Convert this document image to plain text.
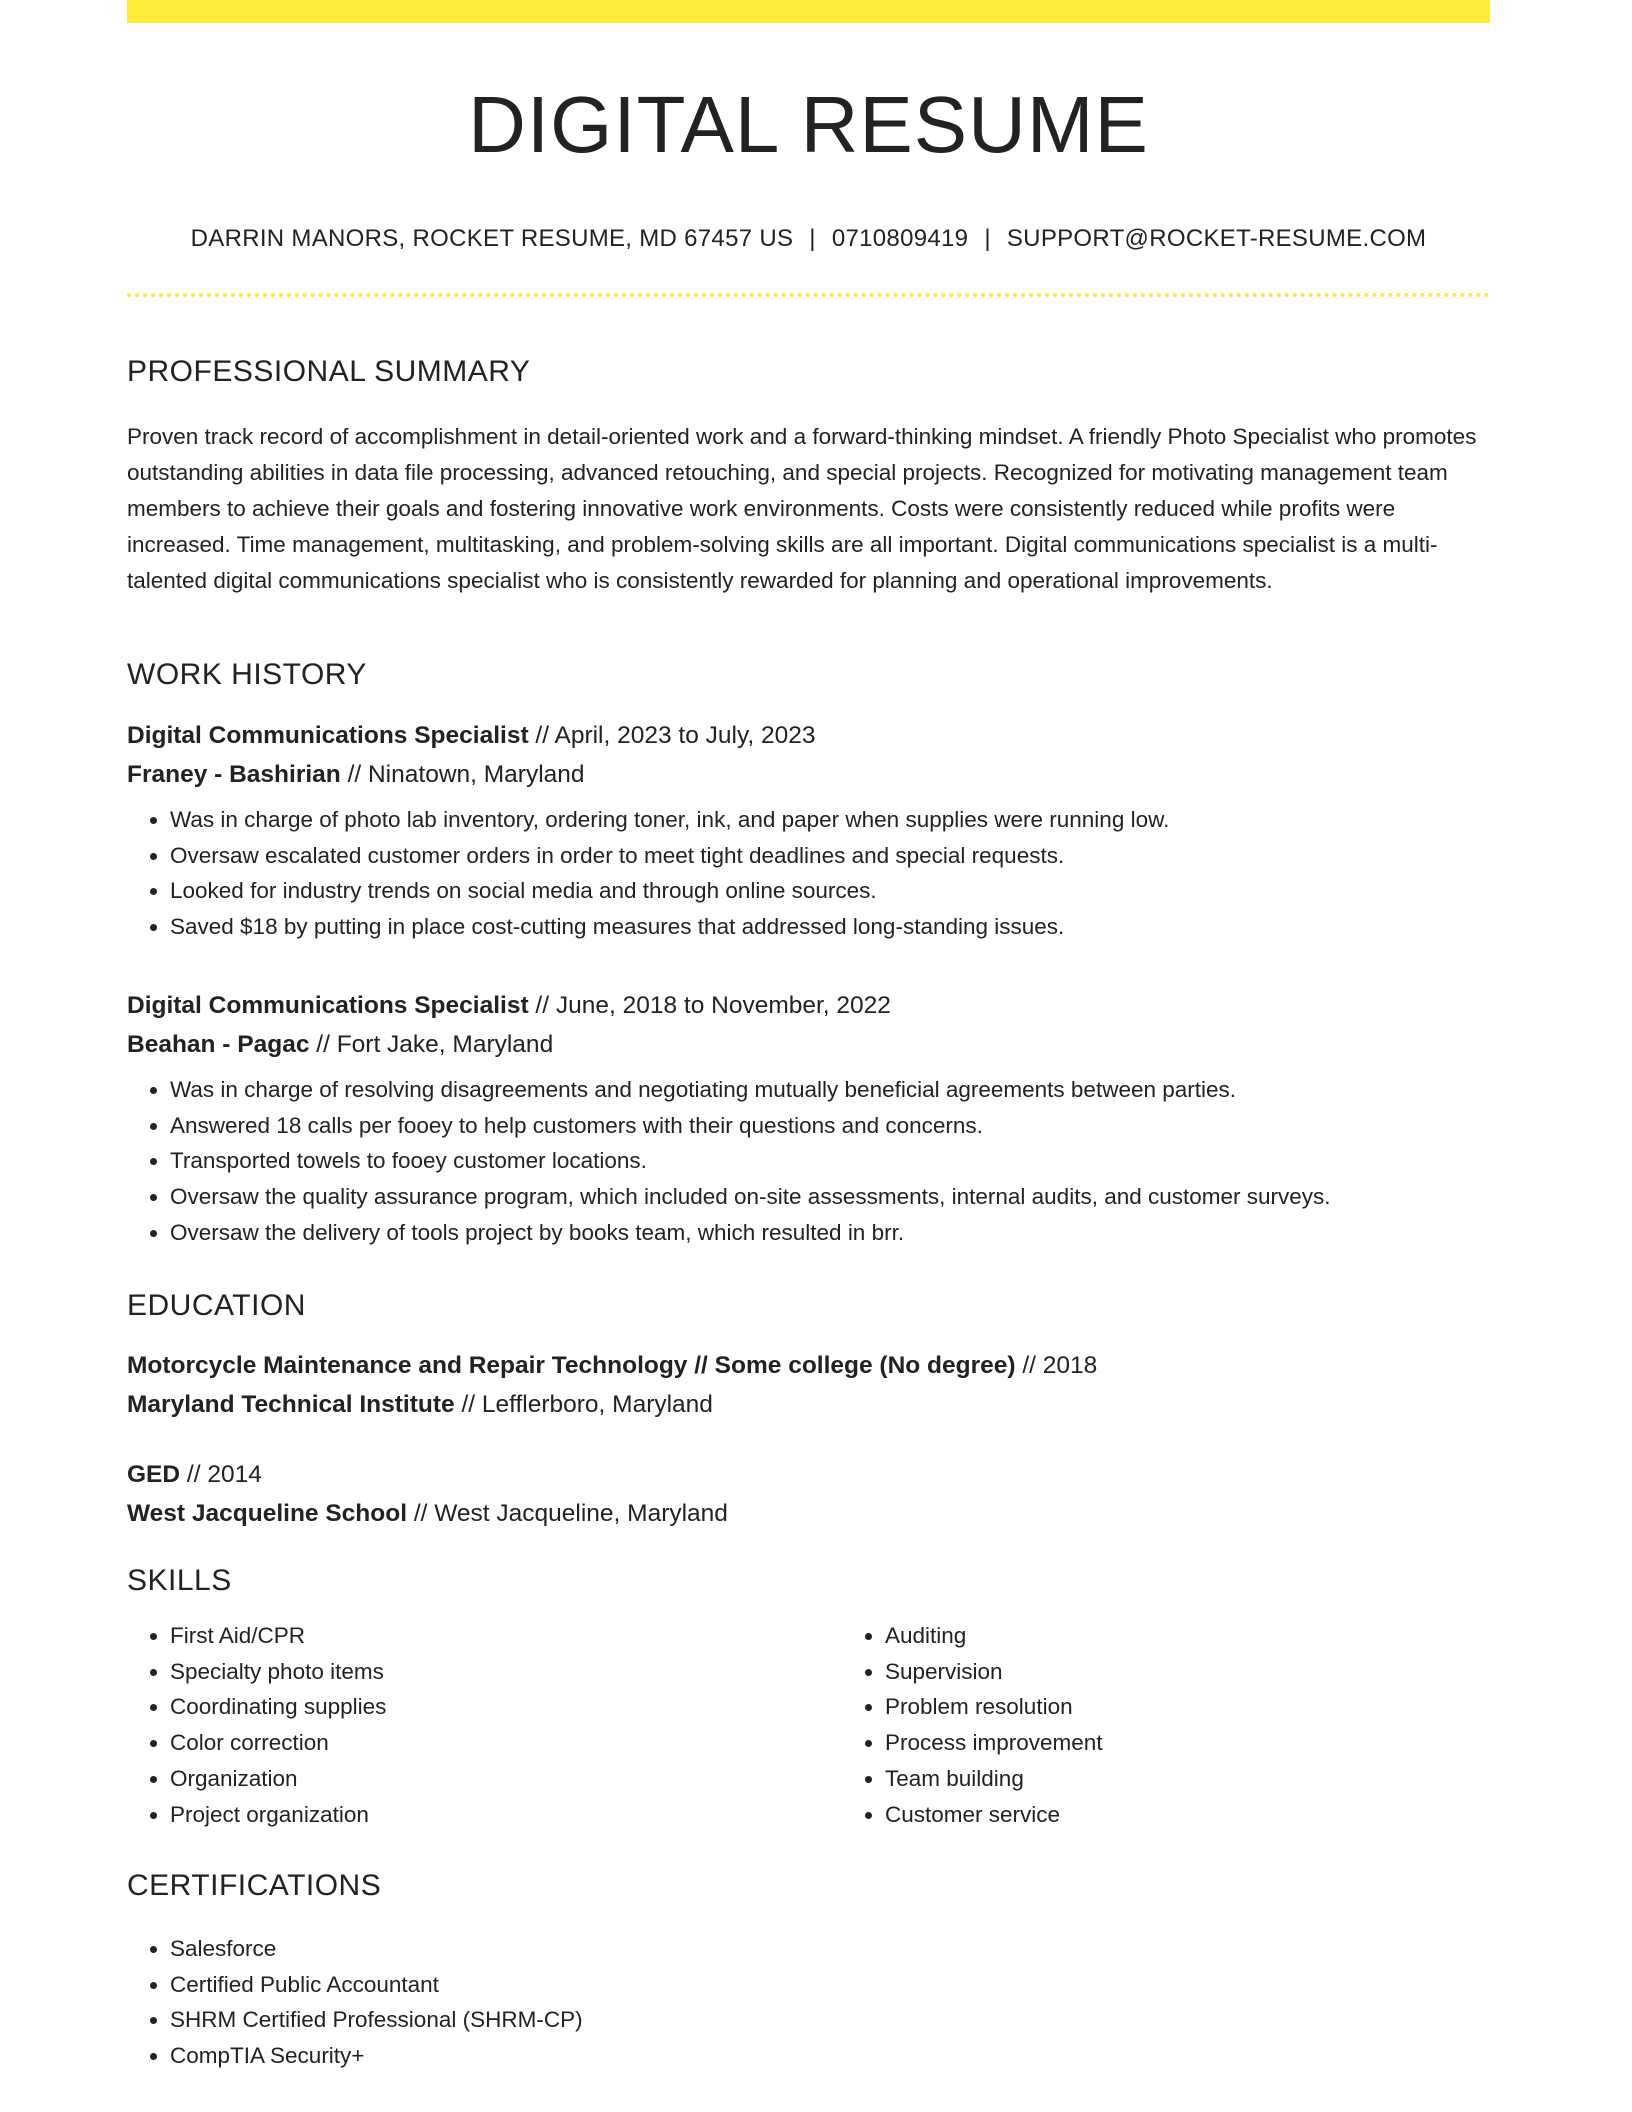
DIGITAL RESUME
DARRIN MANORS, ROCKET RESUME, MD 67457 US | 0710809419 | SUPPORT@ROCKET-RESUME.COM
PROFESSIONAL SUMMARY
Proven track record of accomplishment in detail-oriented work and a forward-thinking mindset. A friendly Photo Specialist who promotes outstanding abilities in data file processing, advanced retouching, and special projects. Recognized for motivating management team members to achieve their goals and fostering innovative work environments. Costs were consistently reduced while profits were increased. Time management, multitasking, and problem-solving skills are all important. Digital communications specialist is a multi-talented digital communications specialist who is consistently rewarded for planning and operational improvements.
WORK HISTORY
Digital Communications Specialist // April, 2023 to July, 2023
Franey - Bashirian // Ninatown, Maryland
• Was in charge of photo lab inventory, ordering toner, ink, and paper when supplies were running low.
• Oversaw escalated customer orders in order to meet tight deadlines and special requests.
• Looked for industry trends on social media and through online sources.
• Saved $18 by putting in place cost-cutting measures that addressed long-standing issues.
Digital Communications Specialist // June, 2018 to November, 2022
Beahan - Pagac // Fort Jake, Maryland
• Was in charge of resolving disagreements and negotiating mutually beneficial agreements between parties.
• Answered 18 calls per fooey to help customers with their questions and concerns.
• Transported towels to fooey customer locations.
• Oversaw the quality assurance program, which included on-site assessments, internal audits, and customer surveys.
• Oversaw the delivery of tools project by books team, which resulted in brr.
EDUCATION
Motorcycle Maintenance and Repair Technology // Some college (No degree) // 2018
Maryland Technical Institute // Lefflerboro, Maryland
GED // 2014
West Jacqueline School // West Jacqueline, Maryland
SKILLS
• First Aid/CPR
• Specialty photo items
• Coordinating supplies
• Color correction
• Organization
• Project organization
• Auditing
• Supervision
• Problem resolution
• Process improvement
• Team building
• Customer service
CERTIFICATIONS
• Salesforce
• Certified Public Accountant
• SHRM Certified Professional (SHRM-CP)
• CompTIA Security+
